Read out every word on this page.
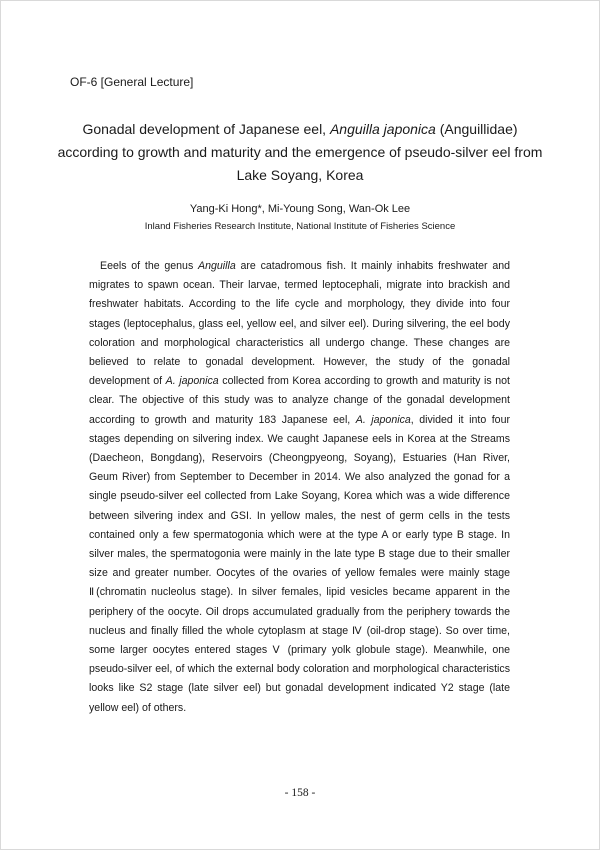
OF-6 [General Lecture]
Gonadal development of Japanese eel, Anguilla japonica (Anguillidae) according to growth and maturity and the emergence of pseudo-silver eel from Lake Soyang, Korea
Yang-Ki Hong*, Mi-Young Song, Wan-Ok Lee
Inland Fisheries Research Institute, National Institute of Fisheries Science

Eeels of the genus Anguilla are catadromous fish. It mainly inhabits freshwater and migrates to spawn ocean. Their larvae, termed leptocephali, migrate into brackish and freshwater habitats. According to the life cycle and morphology, they divide into four stages (leptocephalus, glass eel, yellow eel, and silver eel). During silvering, the eel body coloration and morphological characteristics all undergo change. These changes are believed to relate to gonadal development. However, the study of the gonadal development of A. japonica collected from Korea according to growth and maturity is not clear. The objective of this study was to analyze change of the gonadal development according to growth and maturity 183 Japanese eel, A. japonica, divided it into four stages depending on silvering index. We caught Japanese eels in Korea at the Streams (Daecheon, Bongdang), Reservoirs (Cheongpyeong, Soyang), Estuaries (Han River, Geum River) from September to December in 2014. We also analyzed the gonad for a single pseudo-silver eel collected from Lake Soyang, Korea which was a wide difference between silvering index and GSI. In yellow males, the nest of germ cells in the tests contained only a few spermatogonia which were at the type A or early type B stage. In silver males, the spermatogonia were mainly in the late type B stage due to their smaller size and greater number. Oocytes of the ovaries of yellow females were mainly stage Ⅱ(chromatin nucleolus stage). In silver females, lipid vesicles became apparent in the periphery of the oocyte. Oil drops accumulated gradually from the periphery towards the nucleus and finally filled the whole cytoplasm at stage Ⅳ (oil-drop stage). So over time, some larger oocytes entered stages Ⅴ (primary yolk globule stage). Meanwhile, one pseudo-silver eel, of which the external body coloration and morphological characteristics looks like S2 stage (late silver eel) but gonadal development indicated Y2 stage (late yellow eel) of others.

- 158 -
